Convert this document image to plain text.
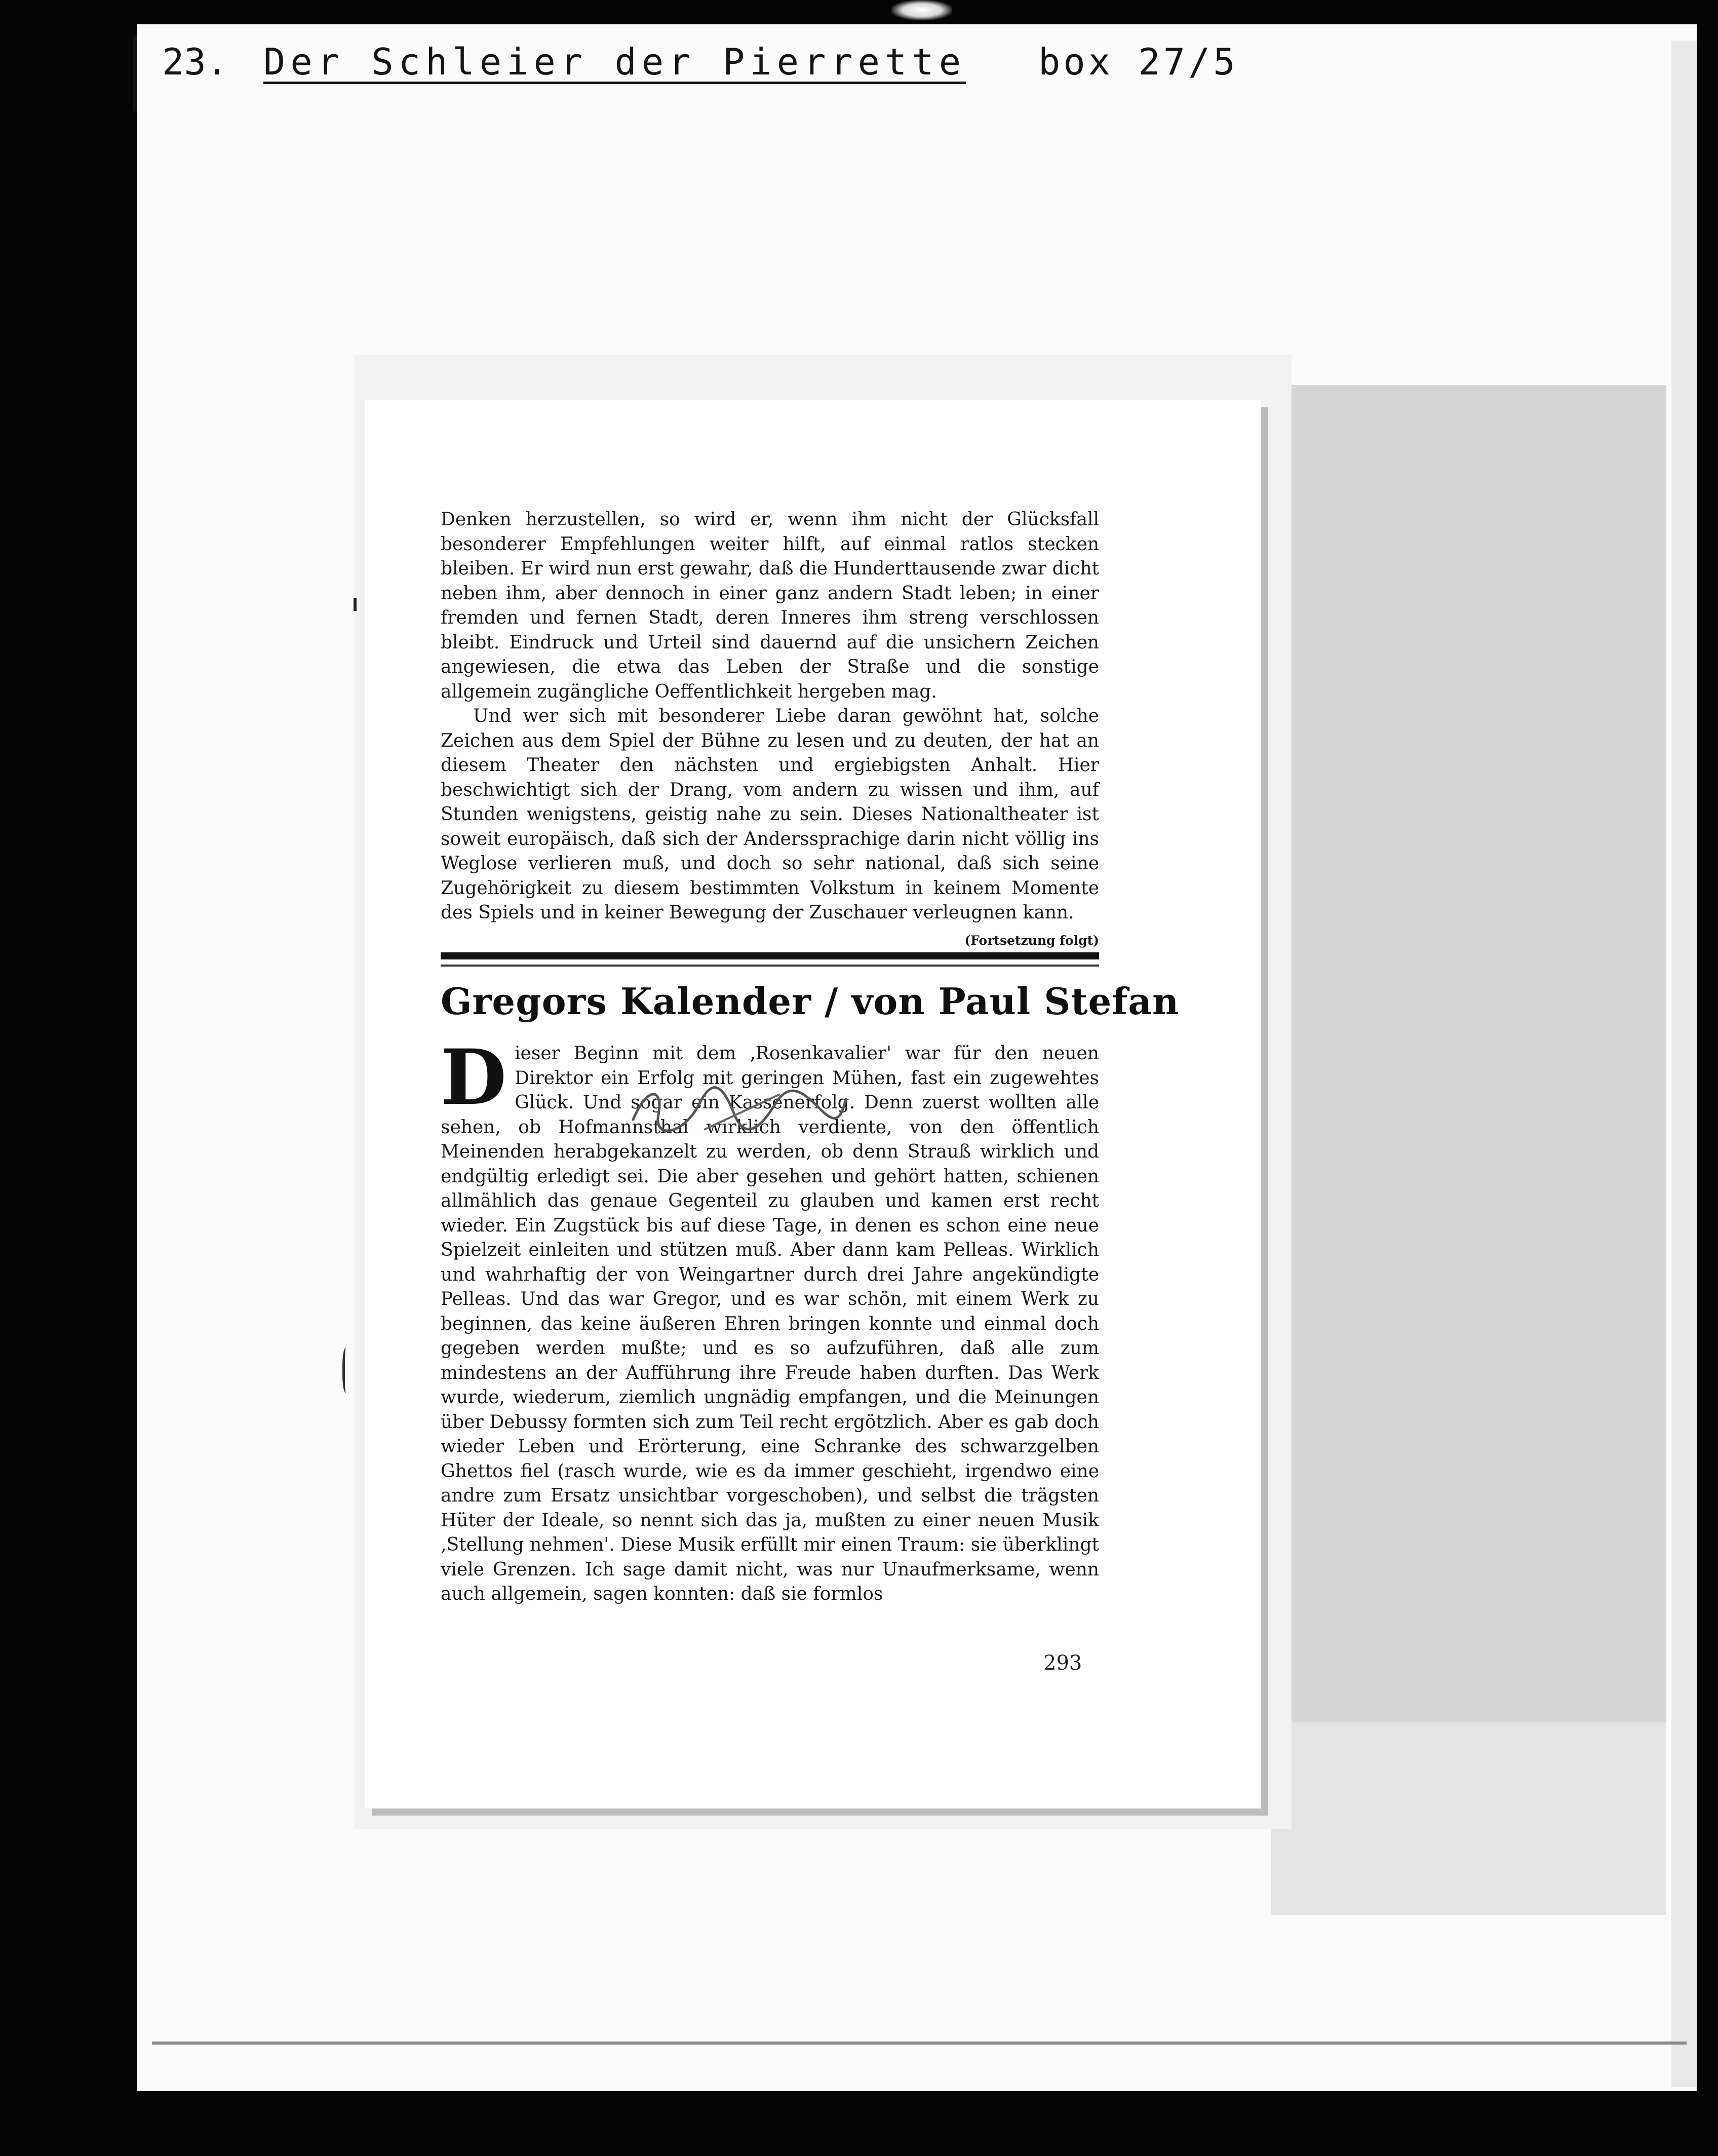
23. Der Schleier der Pierrette box 27/5

Denken herzustellen, so wird er, wenn ihm nicht der Glücksfall besonderer Empfehlungen weiter hilft, auf einmal ratlos stecken bleiben. Er wird nun erst gewahr, daß die Hunderttausende zwar dicht neben ihm, aber dennoch in einer ganz andern Stadt leben; in einer fremden und fernen Stadt, deren Inneres ihm streng verschlossen bleibt. Eindruck und Urteil sind dauernd auf die unsichern Zeichen angewiesen, die etwa das Leben der Straße und die sonstige allgemein zugängliche Oeffentlichkeit hergeben mag.

Und wer sich mit besonderer Liebe daran gewöhnt hat, solche Zeichen aus dem Spiel der Bühne zu lesen und zu deuten, der hat an diesem Theater den nächsten und ergiebigsten Anhalt. Hier beschwichtigt sich der Drang, vom andern zu wissen und ihm, auf Stunden wenigstens, geistig nahe zu sein. Dieses Nationaltheater ist soweit europäisch, daß sich der Anderssprachige darin nicht völlig ins Weglose verlieren muß, und doch so sehr national, daß sich seine Zugehörigkeit zu diesem bestimmten Volkstum in keinem Momente des Spiels und in keiner Bewegung der Zuschauer verleugnen kann.
(Fortsetzung folgt)

Gregors Kalender / von Paul Stefan
D ieser Beginn mit dem ‚Rosenkavalier' war für den neuen Direktor ein Erfolg mit geringen Mühen, fast ein zugewehtes Glück. Und sogar ein Kassenerfolg. Denn zuerst wollten alle sehen, ob Hofmannsthal wirklich verdiente, von den öffentlich Meinenden herabgekanzelt zu werden, ob denn Strauß wirklich und endgültig erledigt sei. Die aber gesehen und gehört hatten, schienen allmählich das genaue Gegenteil zu glauben und kamen erst recht wieder. Ein Zugstück bis auf diese Tage, in denen es schon eine neue Spielzeit einleiten und stützen muß. Aber dann kam Pelleas. Wirklich und wahrhaftig der von Weingartner durch drei Jahre angekündigte Pelleas. Und das war Gregor, und es war schön, mit einem Werk zu beginnen, das keine äußeren Ehren bringen konnte und einmal doch gegeben werden mußte; und es so aufzuführen, daß alle zum mindestens an der Aufführung ihre Freude haben durften. Das Werk wurde, wiederum, ziemlich ungnädig empfangen, und die Meinungen über Debussy formten sich zum Teil recht ergötzlich. Aber es gab doch wieder Leben und Erörterung, eine Schranke des schwarzgelben Ghettos fiel (rasch wurde, wie es da immer geschieht, irgendwo eine andre zum Ersatz unsichtbar vorgeschoben), und selbst die trägsten Hüter der Ideale, so nennt sich das ja, mußten zu einer neuen Musik ‚Stellung nehmen'. Diese Musik erfüllt mir einen Traum: sie überklingt viele Grenzen. Ich sage damit nicht, was nur Unaufmerksame, wenn auch allgemein, sagen konnten: daß sie formlos

293
